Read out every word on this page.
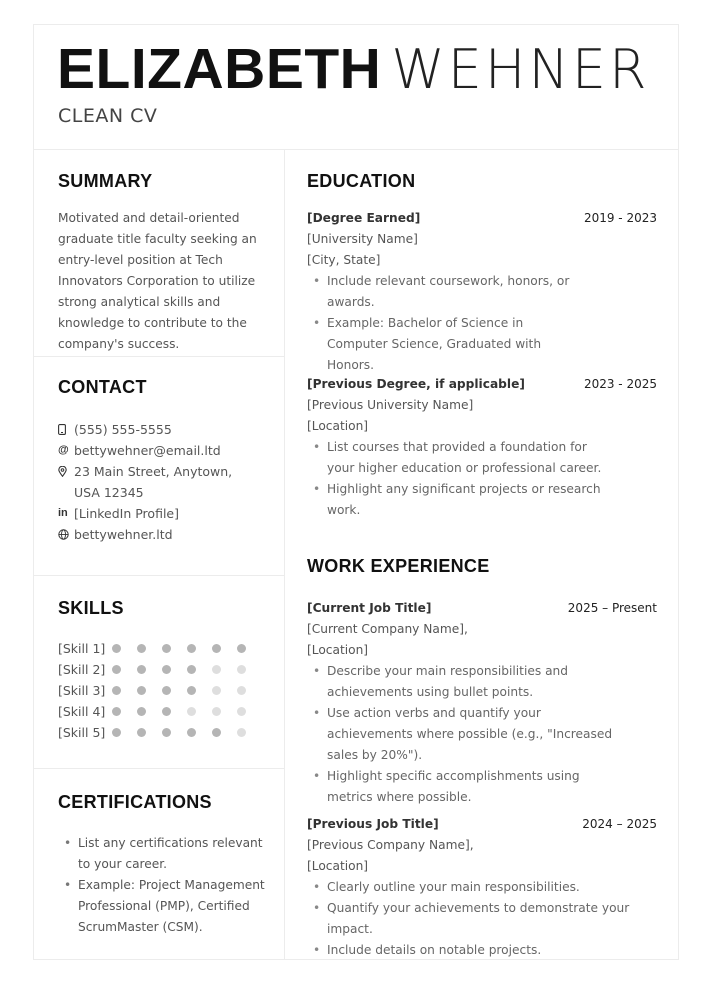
ELIZABETH WEHNER
CLEAN CV
SUMMARY

Motivated and detail-oriented graduate title faculty seeking an entry-level position at Tech Innovators Corporation to utilize strong analytical skills and knowledge to contribute to the company's success.

CONTACT
(555) 555-5555
@ bettywehner@email.ltd
23 Main Street, Anytown,
USA 12345
in [LinkedIn Profile]
bettywehner.ltd
SKILLS
[Skill 1]
[Skill 2]
[Skill 3]
[Skill 4]
[Skill 5]
CERTIFICATIONS
• List any certifications relevant to your career.
• Example: Project Management Professional (PMP), Certified ScrumMaster (CSM).
EDUCATION
[Degree Earned]	2019 - 2023
[University Name]
[City, State]
• Include relevant coursework, honors, or awards.
• Example: Bachelor of Science in Computer Science, Graduated with Honors.
[Previous Degree, if applicable]	2023 - 2025
[Previous University Name]
[Location]
• List courses that provided a foundation for your higher education or professional career.
• Highlight any significant projects or research work.
WORK EXPERIENCE
[Current Job Title]	2025 – Present
[Current Company Name],
[Location]
• Describe your main responsibilities and achievements using bullet points.
• Use action verbs and quantify your achievements where possible (e.g., "Increased sales by 20%").
• Highlight specific accomplishments using metrics where possible.
[Previous Job Title]	2024 – 2025
[Previous Company Name],
[Location]
• Clearly outline your main responsibilities.
• Quantify your achievements to demonstrate your impact.
• Include details on notable projects.
